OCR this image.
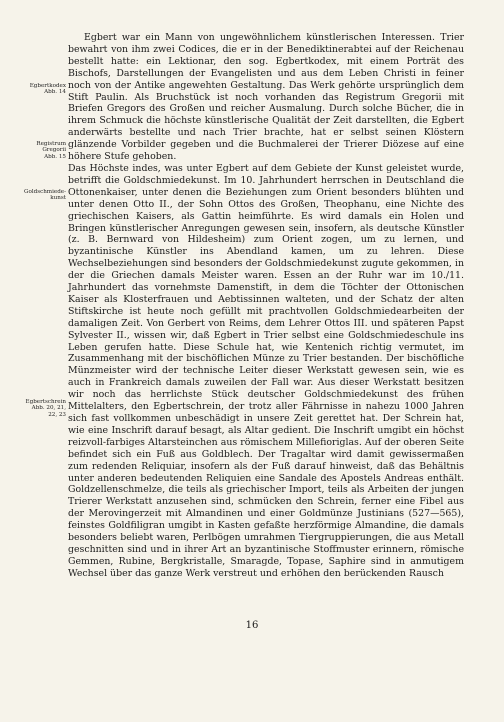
Egbertkodex
Abb. 14
Registrum Gregorii
Abb. 15
Goldschmiede-
kunst
Egbertschrein
Abb. 20, 21, 22, 23

Egbert war ein Mann von ungewöhnlichem künstlerischen Interessen. Trier bewahrt von ihm zwei Codices, die er in der Benediktinerabtei auf der Reichenau bestellt hatte: ein Lektionar, den sog. Egbertkodex, mit einem Porträt des Bischofs, Darstellungen der Evangelisten und aus dem Leben Christi in feiner noch von der Antike angewehten Gestaltung. Das Werk gehörte ursprünglich dem Stift Paulin. Als Bruchstück ist noch vorhanden das Registrum Gregorii mit Briefen Gregors des Großen und reicher Ausmalung. Durch solche Bücher, die in ihrem Schmuck die höchste künstlerische Qualität der Zeit darstellten, die Egbert anderwärts bestellte und nach Trier brachte, hat er selbst seinen Klöstern glänzende Vorbilder gegeben und die Buchmalerei der Trierer Diözese auf eine höhere Stufe gehoben.

Das Höchste indes, was unter Egbert auf dem Gebiete der Kunst geleistet wurde, betrifft die Goldschmiedekunst. Im 10. Jahrhundert herrschen in Deutschland die Ottonenkaiser, unter denen die Beziehungen zum Orient besonders blühten und unter denen Otto II., der Sohn Ottos des Großen, Theophanu, eine Nichte des griechischen Kaisers, als Gattin heimführte. Es wird damals ein Holen und Bringen künstlerischer Anregungen gewesen sein, insofern, als deutsche Künstler (z. B. Bernward von Hildesheim) zum Orient zogen, um zu lernen, und byzantinische Künstler ins Abendland kamen, um zu lehren. Diese Wechselbeziehungen sind besonders der Goldschmiedekunst zugute gekommen, in der die Griechen damals Meister waren. Essen an der Ruhr war im 10./11. Jahrhundert das vornehmste Damenstift, in dem die Töchter der Ottonischen Kaiser als Klosterfrauen und Aebtissinnen walteten, und der Schatz der alten Stiftskirche ist heute noch gefüllt mit prachtvollen Goldschmiedearbeiten der damaligen Zeit. Von Gerbert von Reims, dem Lehrer Ottos III. und späteren Papst Sylvester II., wissen wir, daß Egbert in Trier selbst eine Goldschmiedeschule ins Leben gerufen hatte. Diese Schule hat, wie Kentenich richtig vermutet, im Zusammenhang mit der bischöflichen Münze zu Trier bestanden. Der bischöfliche Münzmeister wird der technische Leiter dieser Werkstatt gewesen sein, wie es auch in Frankreich damals zuweilen der Fall war. Aus dieser Werkstatt besitzen wir noch das herrlichste Stück deutscher Goldschmiedekunst des frühen Mittelalters, den Egbertschrein, der trotz aller Fährnisse in nahezu 1000 Jahren sich fast vollkommen unbeschädigt in unsere Zeit gerettet hat. Der Schrein hat, wie eine Inschrift darauf besagt, als Altar gedient. Die Inschrift umgibt ein höchst reizvoll-farbiges Altarsteinchen aus römischem Millefioriglas. Auf der oberen Seite befindet sich ein Fuß aus Goldblech. Der Tragaltar wird damit gewissermaßen zum redenden Reliquiar, insofern als der Fuß darauf hinweist, daß das Behältnis unter anderen bedeutenden Reliquien eine Sandale des Apostels Andreas enthält. Goldzellenschmelze, die teils als griechischer Import, teils als Arbeiten der jungen Trierer Werkstatt anzusehen sind, schmücken den Schrein, ferner eine Fibel aus der Merovingerzeit mit Almandinen und einer Goldmünze Justinians (527—565), feinstes Goldfiligran umgibt in Kasten gefaßte herzförmige Almandine, die damals besonders beliebt waren, Perlbögen umrahmen Tiergruppierungen, die aus Metall geschnitten sind und in ihrer Art an byzantinische Stoffmuster erinnern, römische Gemmen, Rubine, Bergkristalle, Smaragde, Topase, Saphire sind in anmutigem Wechsel über das ganze Werk verstreut und erhöhen den berückenden Rausch

16
